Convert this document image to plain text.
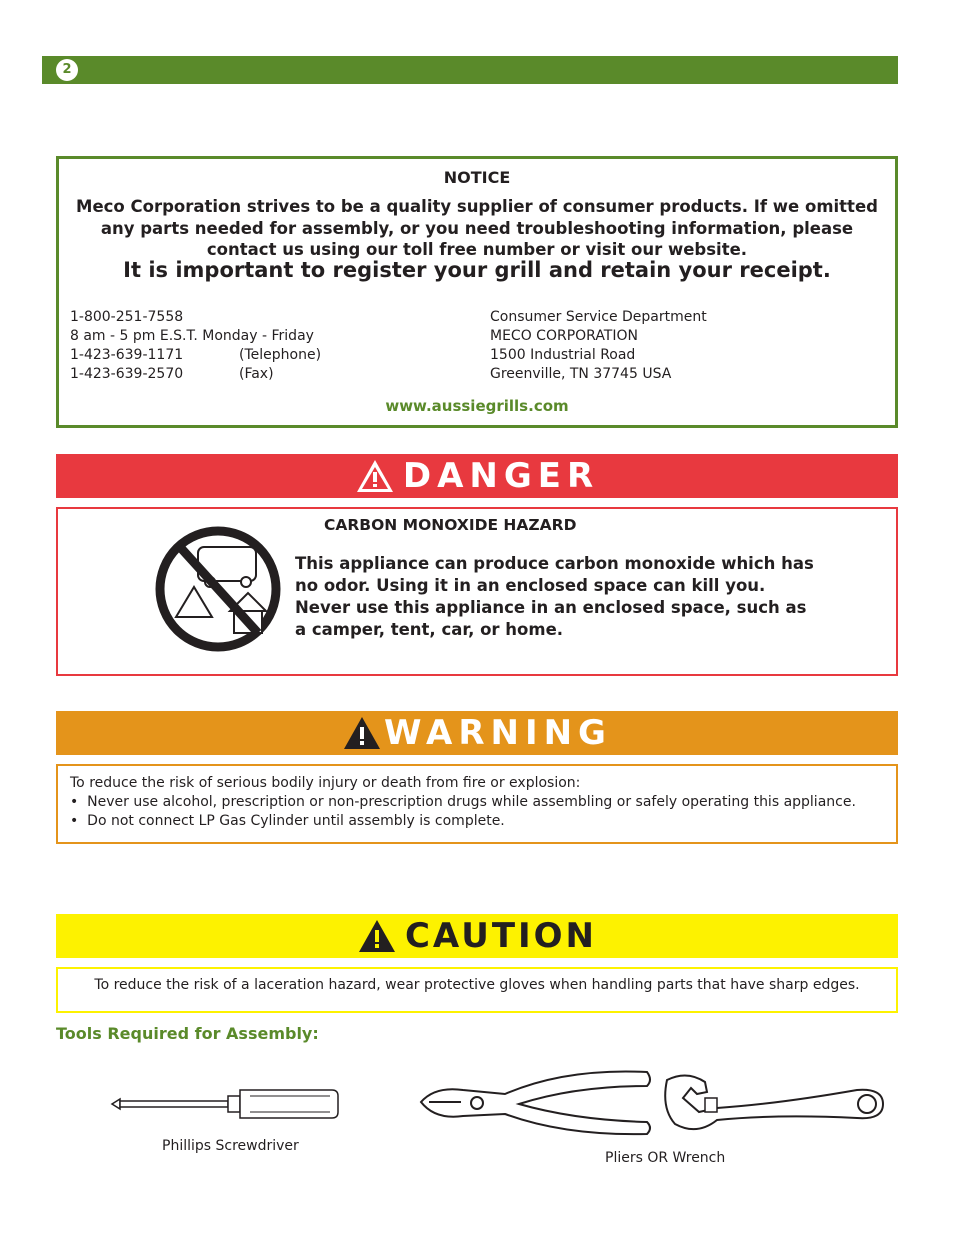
2
NOTICE
Meco Corporation strives to be a quality supplier of consumer products. If we omitted any parts needed for assembly, or you need troubleshooting information, please contact us using our toll free number or visit our website.
It is important to register your grill and retain your receipt.
1-800-251-7558
8 am - 5 pm E.S.T. Monday - Friday
1-423-639-1171
1-423-639-2570
(Telephone)
(Fax)
Consumer Service Department
MECO CORPORATION
1500 Industrial Road
Greenville, TN 37745 USA
www.aussiegrills.com
DANGER
CARBON MONOXIDE HAZARD
This appliance can produce carbon monoxide which has no odor. Using it in an enclosed space can kill you. Never use this appliance in an enclosed space, such as a camper, tent, car, or home.
WARNING
To reduce the risk of serious bodily injury or death from fire or explosion:
•  Never use alcohol, prescription or non-prescription drugs while assembling or safely operating this appliance.
•  Do not connect LP Gas Cylinder until assembly is complete.
CAUTION
To reduce the risk of a laceration hazard, wear protective gloves when handling parts that have sharp edges.
Tools Required for Assembly:
Phillips Screwdriver
Pliers OR Wrench
